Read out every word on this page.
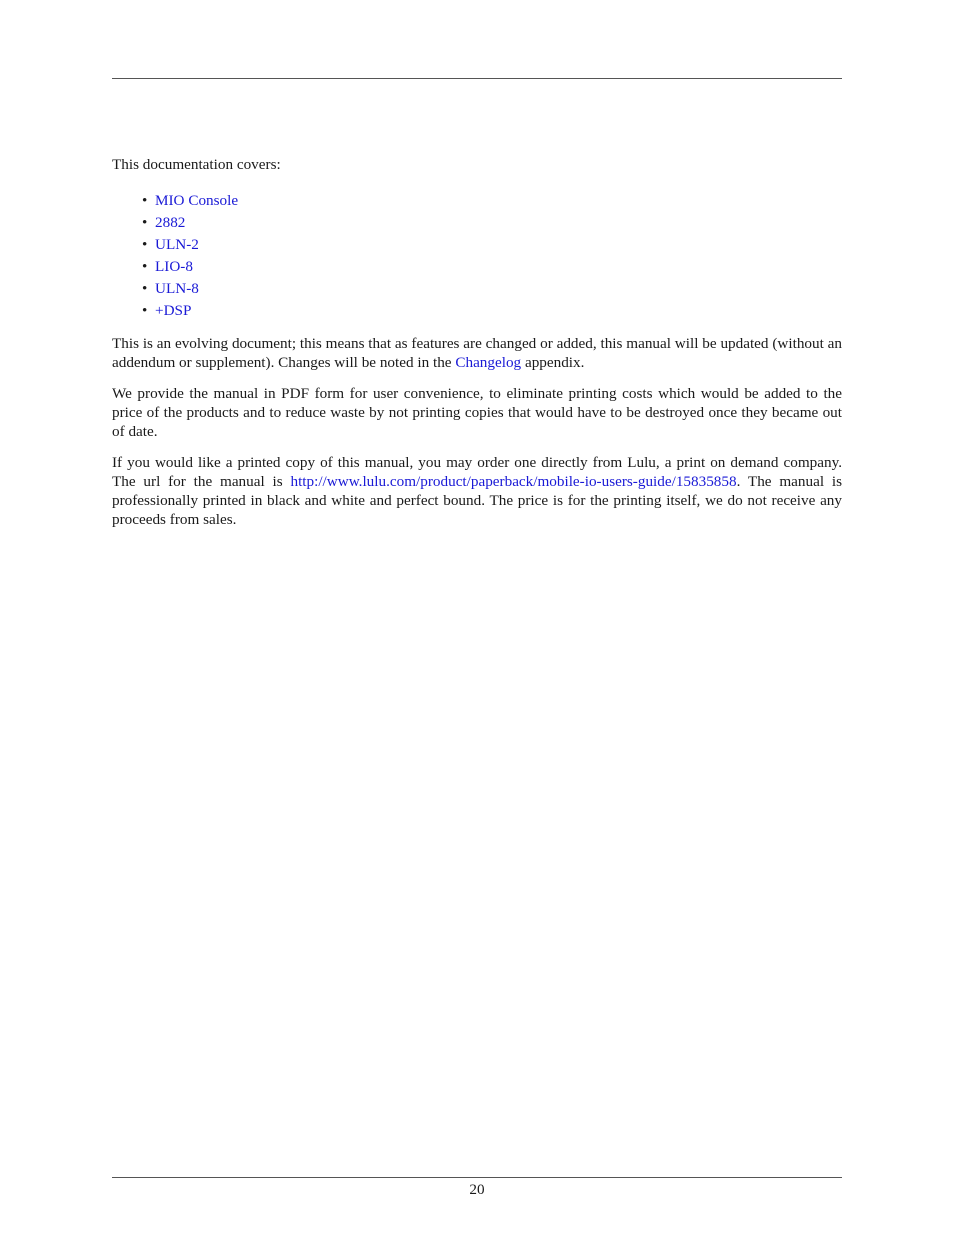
This documentation covers:

• MIO Console
• 2882
• ULN-2
• LIO-8
• ULN-8
• +DSP

This is an evolving document; this means that as features are changed or added, this manual will be updated (without an addendum or supplement). Changes will be noted in the Changelog appendix.

We provide the manual in PDF form for user convenience, to eliminate printing costs which would be added to the price of the products and to reduce waste by not printing copies that would have to be destroyed once they became out of date.

If you would like a printed copy of this manual, you may order one directly from Lulu, a print on demand company. The url for the manual is http://www.lulu.com/product/paperback/mobile-io-users-guide/15835858. The manual is professionally printed in black and white and perfect bound. The price is for the printing itself, we do not receive any proceeds from sales.

20
